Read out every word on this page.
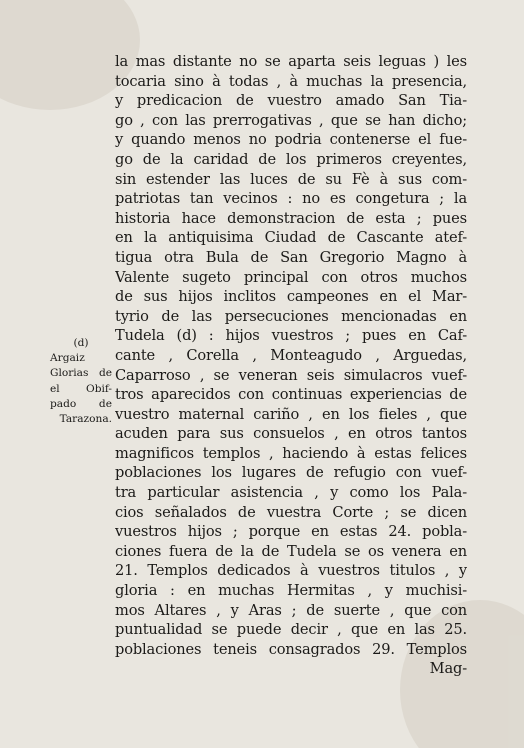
(d)
Argaiz
Glorias de
el Obif-
pado de
Tarazona.
la mas distante no se aparta seis leguas ) les
tocaria sino à todas , à muchas la presencia,
y predicacion de vuestro amado San Tia-
go , con las prerrogativas , que se han dicho;
y quando menos no podria contenerse el fue-
go de la caridad de los primeros creyentes,
sin estender las luces de su Fè à sus com-
patriotas tan vecinos : no es congetura ; la
historia hace demonstracion de esta ; pues
en la antiquisima Ciudad de Cascante atef-
tigua otra Bula de San Gregorio Magno à
Valente sugeto principal con otros muchos
de sus hijos inclitos campeones en el Mar-
tyrio de las persecuciones mencionadas en
Tudela (d) : hijos vuestros ; pues en Caf-
cante , Corella , Monteagudo , Arguedas,
Caparroso , se veneran seis simulacros vuef-
tros aparecidos con continuas experiencias de
vuestro maternal cariño , en los fieles , que
acuden para sus consuelos , en otros tantos
magnificos templos , haciendo à estas felices
poblaciones los lugares de refugio con vuef-
tra particular asistencia , y como los Pala-
cios señalados de vuestra Corte ; se dicen
vuestros hijos ; porque en estas 24. pobla-
ciones fuera de la de Tudela se os venera en
21. Templos dedicados à vuestros titulos , y
gloria : en muchas Hermitas , y muchisi-
mos Altares , y Aras ; de suerte , que con
puntualidad se puede decir , que en las 25.
poblaciones teneis consagrados 29. Templos
Mag-
